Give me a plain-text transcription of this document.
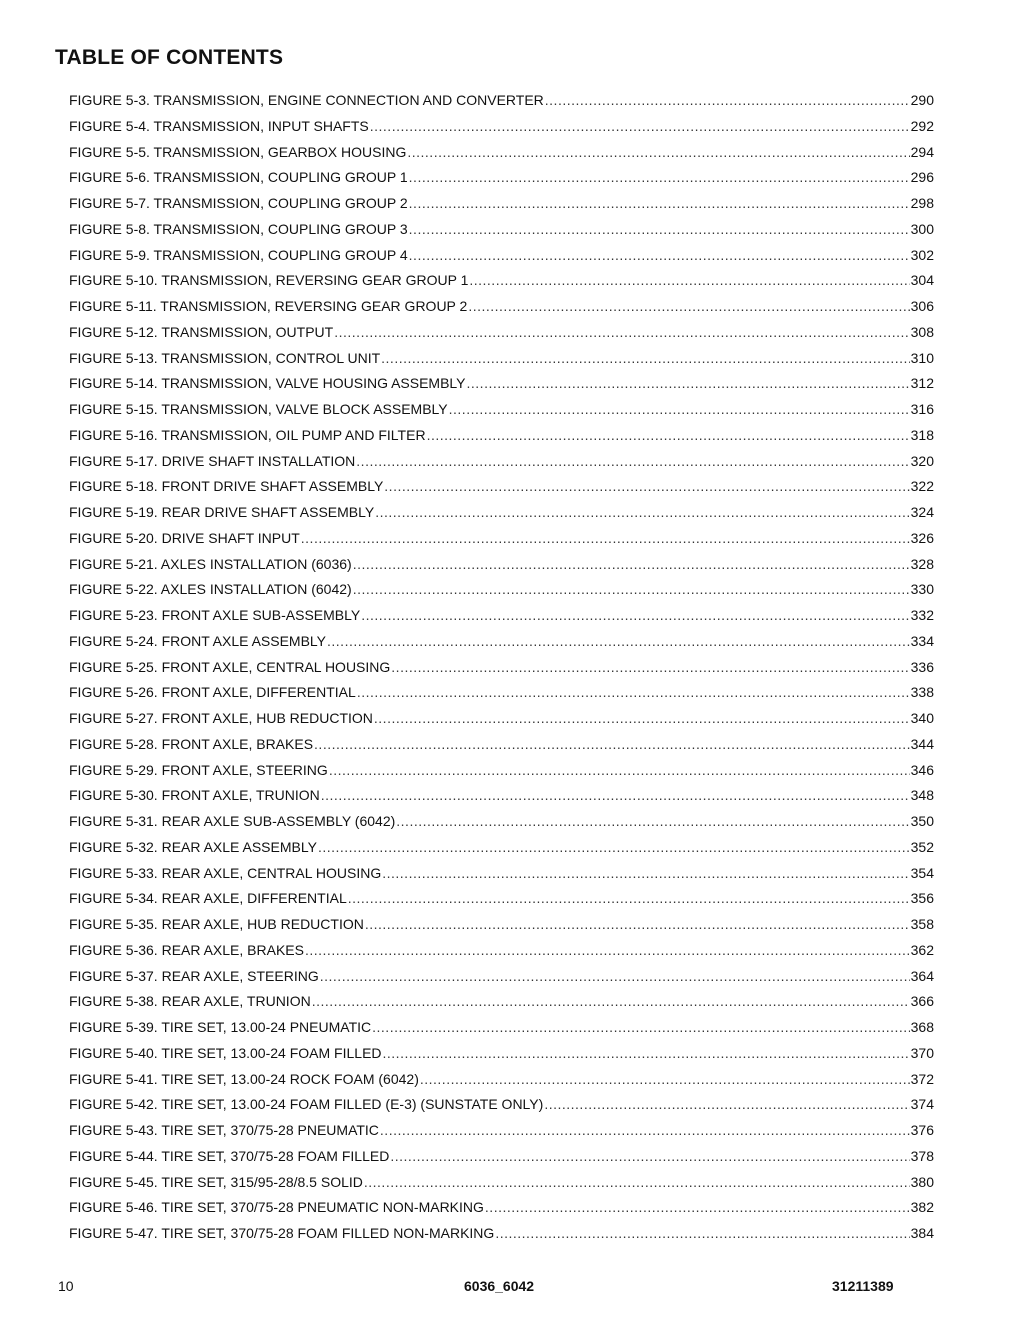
TABLE OF CONTENTS
FIGURE 5-3. TRANSMISSION, ENGINE CONNECTION AND CONVERTER .....	290
FIGURE 5-4. TRANSMISSION, INPUT SHAFTS .....	292
FIGURE 5-5. TRANSMISSION, GEARBOX HOUSING .....	294
FIGURE 5-6. TRANSMISSION, COUPLING GROUP 1 .....	296
FIGURE 5-7. TRANSMISSION, COUPLING GROUP 2 .....	298
FIGURE 5-8. TRANSMISSION, COUPLING GROUP 3 .....	300
FIGURE 5-9. TRANSMISSION, COUPLING GROUP 4 .....	302
FIGURE 5-10. TRANSMISSION, REVERSING GEAR GROUP 1 .....	304
FIGURE 5-11. TRANSMISSION, REVERSING GEAR GROUP 2 .....	306
FIGURE 5-12. TRANSMISSION, OUTPUT .....	308
FIGURE 5-13. TRANSMISSION, CONTROL UNIT .....	310
FIGURE 5-14. TRANSMISSION, VALVE HOUSING ASSEMBLY .....	312
FIGURE 5-15. TRANSMISSION, VALVE BLOCK ASSEMBLY .....	316
FIGURE 5-16. TRANSMISSION, OIL PUMP AND FILTER .....	318
FIGURE 5-17. DRIVE SHAFT INSTALLATION .....	320
FIGURE 5-18. FRONT DRIVE SHAFT ASSEMBLY .....	322
FIGURE 5-19. REAR DRIVE SHAFT ASSEMBLY .....	324
FIGURE 5-20. DRIVE SHAFT INPUT .....	326
FIGURE 5-21. AXLES INSTALLATION (6036) .....	328
FIGURE 5-22. AXLES INSTALLATION (6042) .....	330
FIGURE 5-23. FRONT AXLE SUB-ASSEMBLY .....	332
FIGURE 5-24. FRONT AXLE ASSEMBLY .....	334
FIGURE 5-25. FRONT AXLE, CENTRAL HOUSING .....	336
FIGURE 5-26. FRONT AXLE, DIFFERENTIAL .....	338
FIGURE 5-27. FRONT AXLE, HUB REDUCTION .....	340
FIGURE 5-28. FRONT AXLE, BRAKES .....	344
FIGURE 5-29. FRONT AXLE, STEERING .....	346
FIGURE 5-30. FRONT AXLE, TRUNION .....	348
FIGURE 5-31. REAR AXLE SUB-ASSEMBLY (6042) .....	350
FIGURE 5-32. REAR AXLE ASSEMBLY .....	352
FIGURE 5-33. REAR AXLE, CENTRAL HOUSING .....	354
FIGURE 5-34. REAR AXLE, DIFFERENTIAL .....	356
FIGURE 5-35. REAR AXLE, HUB REDUCTION .....	358
FIGURE 5-36. REAR AXLE, BRAKES .....	362
FIGURE 5-37. REAR AXLE, STEERING .....	364
FIGURE 5-38. REAR AXLE, TRUNION .....	366
FIGURE 5-39. TIRE SET, 13.00-24 PNEUMATIC .....	368
FIGURE 5-40. TIRE SET, 13.00-24 FOAM FILLED .....	370
FIGURE 5-41. TIRE SET, 13.00-24 ROCK FOAM (6042) .....	372
FIGURE 5-42. TIRE SET, 13.00-24 FOAM FILLED (E-3) (SUNSTATE ONLY) .....	374
FIGURE 5-43. TIRE SET, 370/75-28 PNEUMATIC .....	376
FIGURE 5-44. TIRE SET, 370/75-28 FOAM FILLED .....	378
FIGURE 5-45. TIRE SET, 315/95-28/8.5 SOLID .....	380
FIGURE 5-46. TIRE SET, 370/75-28 PNEUMATIC NON-MARKING .....	382
FIGURE 5-47. TIRE SET, 370/75-28 FOAM FILLED NON-MARKING .....	384
10	6036_6042	31211389
